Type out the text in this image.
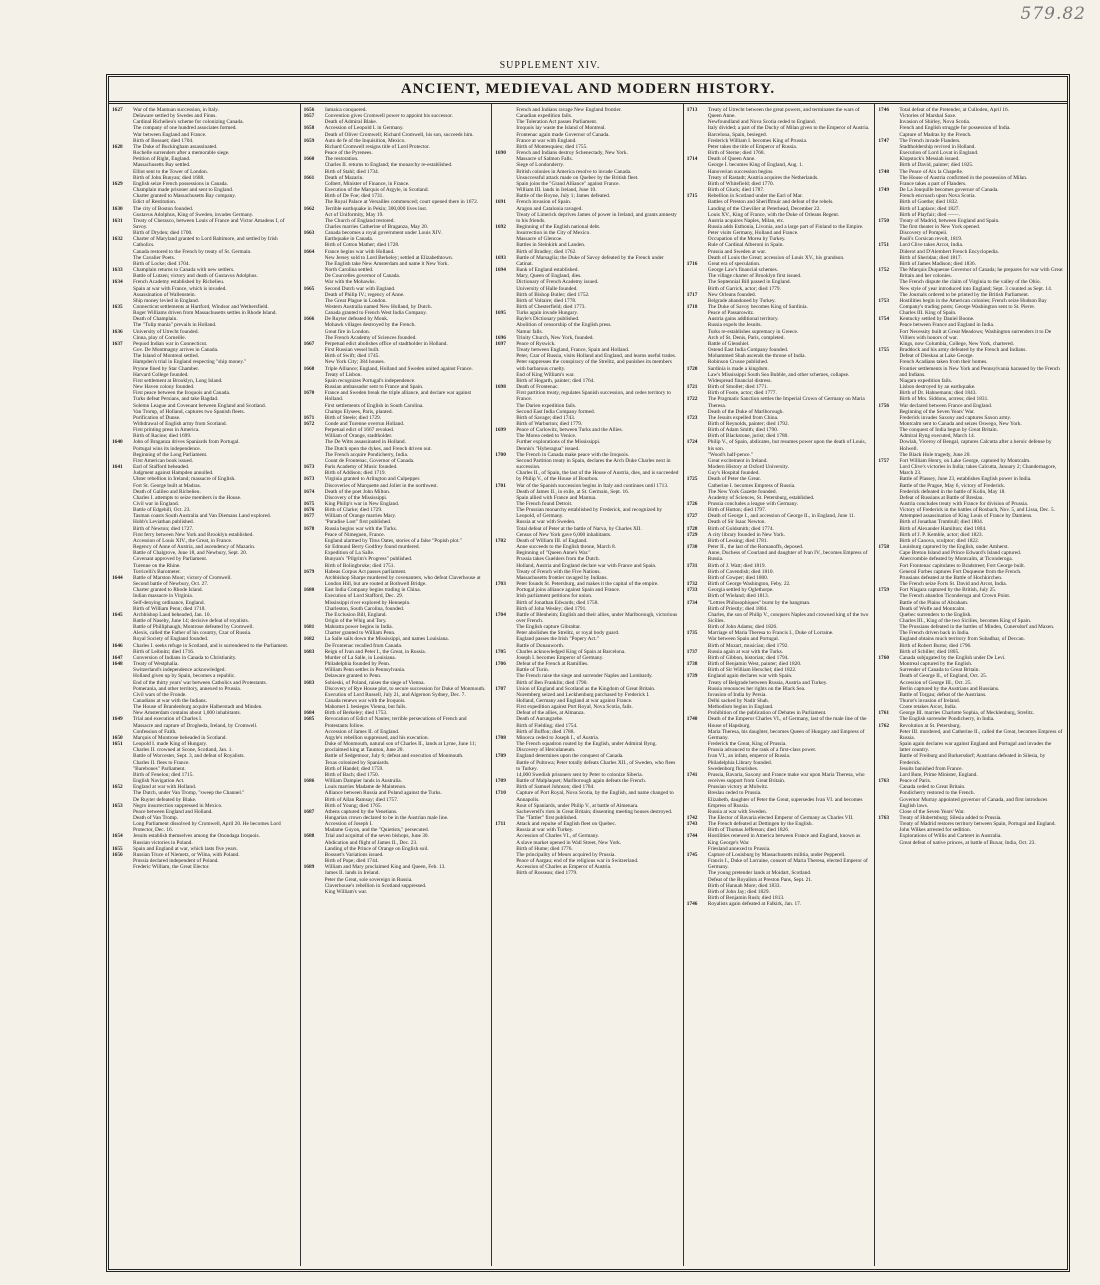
579.82
SUPPLEMENT XIV.
ANCIENT, MEDIEVAL AND MODERN HISTORY.
1627	War of the Mantuan succession, in Italy.
Delaware settled by Swedes and Finns.
Cardinal Richelieu's scheme for colonizing Canada.
The company of one hundred associates formed.
War between England and France.
Birth of Bossuet; died 1704.
1628	The Duke of Buckingham assassinated.
Rochelle surrenders after a memorable siege.
Petition of Right, England.
Massachusetts Bay settled.
Elliot sent to the Tower of London.
Birth of John Bunyan; died 1688.
1629	English seize French possessions in Canada.
Champlain made prisoner and sent to England.
Charter granted to Massachusetts Bay company.
Edict of Restitution.
1630	The city of Boston founded.
Gustavus Adolphus, King of Sweden, invades Germany.
1631	Treaty of Cherasco, between Louis of France and Victor Amadeus I, of Savoy.
Birth of Dryden; died 1700.
1632	Charter of Maryland granted to Lord Baltimore, and settled by Irish Catholics.
Canada restored to the French by treaty of St. Germain.
The Cavalier Poets.
Birth of Locke; died 1704.
1633	Champlain returns to Canada with new settlers.
Battle of Lutzen; victory and death of Gustavus Adolphus.
1634	French Academy established by Richelieu.
Spain at war with France, which is invaded.
Assassination of Wallenstein.
Ship money levied in England.
1635	Connecticut settlements at Hartford, Windsor and Wethersfield.
Roger Williams driven from Massachusetts settles in Rhode Island.
Death of Champlain.
The "Tulip mania" prevails in Holland.
1636	University of Utrecht founded.
Cinna, play of Corneille.
1637	Pequod Indian war in Connecticut.
Gov. De Montmagny arrives in Canada.
The Island of Montreal settled.
Hampden's trial in England respecting "ship money."
Prynne fined by Star Chamber.
Harvard College founded.
First settlement at Brooklyn, Long Island.
New Haven colony founded.
First peace between the Iroquois and Canada.
Turks defeat Persians, and take Bagdad.
Solemn League and Covenant between England and Scotland.
Van Tromp, of Holland, captures two Spanish fleets.
Purification of Dunse.
Withdrawal of English army from Scotland.
First printing press in America.
Birth of Racine; died 1699.
1640	John of Braganza drives Spaniards from Portugal.
Portugal wins its independence.
Beginning of the Long Parliament.
First American book issued.
1641	Earl of Stafford beheaded.
Judgment against Hampden annulled.
Ulster rebellion in Ireland; massacre of English.
Fort St. George built at Madras.
Death of Galileo and Richelieu.
Charles I. attempts to seize members in the House.
Civil war in England.
Battle of Edgehill, Oct. 23.
Tasman coasts South Australia and Van Diemans Land explored.
Hobb's Leviathan published.
Birth of Newton; died 1727.
First ferry between New York and Brooklyn established.
Accession of Louis XIV., the Great, in France.
Regency of Anne of Austria, and ascendency of Mazarin.
Battle of Chalgrove, June 18, and Newbury, Sept. 20.
Covenant approved by Parliament.
Turenne on the Rhine.
Torricelli's Barometer.
1644	Battle of Marston Moor; victory of Cromwell.
Second battle of Newbury, Oct. 27.
Charter granted to Rhode Island.
Indian massacre in Virginia.
Self-denying ordinance, England.
Birth of William Penn; died 1718.
1645	Archbishop Laud beheaded, Jan. 10.
Battle of Naseby, June 14; decisive defeat of royalists.
Battle of Philliphaugh; Montrose defeated by Cromwell.
Alexis, called the Father of his country, Czar of Russia.
Royal Society of England founded.
1646	Charles I. seeks refuge in Scotland, and is surrendered to the Parliament.
Birth of Leibnitz; died 1716.
1647	Conversion of Indians in Canada to Christianity.
1648	Treaty of Westphalia.
Switzerland's independence acknowledged.
Holland given up by Spain, becomes a republic.
End of the thirty years' war between Catholics and Protestants.
Pomerania, and other territory, annexed to Prussia.
Civil wars of the Fronde.
Canadians at war with the Indians.
The House of Brandenburg acquire Halberstadt and Minden.
New Amsterdam contains about 1,000 inhabitants.
1649	Trial and execution of Charles I.
Massacre and capture of Drogheda, Ireland, by Cromwell.
Confession of Faith.
1650	Marquis of Montrose beheaded in Scotland.
1651	Leopold I. made King of Hungary.
Charles II. crowned at Scone, Scotland, Jan. 1.
Battle of Worcester, Sept. 3, and defeat of Royalists.
Charles II. flees to France.
"Barebones" Parliament.
Birth of Fenelon; died 1715.
English Navigation Act.
1652	England at war with Holland.
The Dutch, under Van Tromp, "sweep the Channel."
De Ruyter defeated by Blake.
1653	Negro insurrection suppressed in Mexico.
Peace between England and Holland.
Death of Van Tromp.
Long Parliament dissolved by Cromwell, April 20. He becomes Lord Protector, Dec. 16.
1654	Jesuits establish themselves among the Onondaga Iroquois.
Russian victories in Poland.
1655	Spain and England at war, which lasts five years.
1656	Russian Truce of Niemetz, or Wilna, with Poland.
Prussia declared independent of Poland.
Frederic William, the Great Elector.
1656	Jamaica conquered.
1657	Convention gives Cromwell power to appoint his successor.
Death of Admiral Blake.
1658	Accession of Leopold I. in Germany.
Death of Oliver Cromwell; Richard Cromwell, his son, succeeds him.
1659	Auto de fe of the Inquisition, Mexico.
Richard Cromwell resigns title of Lord Protector.
Peace of the Pyrenees.
1660	The restoration.
Charles II. returns to England; the monarchy re-established.
Birth of Stahl; died 1734.
1661	Death of Mazarin.
Colbert, Minister of Finance, in France.
Execution of the Marquis of Argyle, in Scotland.
Birth of De Foe; died 1731.
The Royal Palace at Versailles commenced; court opened there in 1672.
1662	Terrible earthquake in Pekin; 300,000 lives lost.
Act of Uniformity, May 19.
The Church of England restored.
Charles marries Catherine of Braganza, May 20.
1663	Canada becomes a royal government under Louis XIV.
Earthquake in Canada.
Birth of Cotton Mather; died 1728.
1664	France begins war with Holland.
New Jersey sold to Lord Berkeley; settled at Elizabethtown.
The English take New Amsterdam and name it New York.
North Carolina settled.
De Courcelles governor of Canada.
War with the Mohawks.
1665	Second Dutch war with England.
Death of Philip IV.; regency of Anne.
The Great Plague in London.
Western Australia named New Holland, by Dutch.
Canada granted to French West India Company.
1666	De Ruyter defeated by Monk.
Mohawk villages destroyed by the French.
Great fire in London.
The French Academy of Sciences founded.
1667	Perpetual edict abolishes office of stadtholder in Holland.
First Russian vessel built.
Birth of Swift; died 1745.
New York City; 384 houses.
1668	Triple Alliance; England, Holland and Sweden united against France.
Treaty of Lisbon.
Spain recognizes Portugal's independence.
Russian ambassador sent to France and Spain.
1670	France and Sweden break the triple alliance, and declare war against Holland.
First settlements of English in South Carolina.
Champs Elysees, Paris, planted.
1671	Birth of Steele; died 1729.
1672	Conde and Turenne overrun Holland.
Perpetual edict of 1667 revoked.
William of Orange, stadtholder.
The De Witts assassinated in Holland.
The Dutch open the dykes, and French driven out.
The French acquire Pondicherry, India.
Count de Frontenac, Governor of Canada.
1673	Paris Academy of Music founded.
Birth of Addison; died 1719.
1673	Virginia granted to Arlington and Culpepper.
Discoveries of Marquette and Joliet in the northwest.
1674	Death of the poet John Milton.
Discovery of the Mississippi.
1675	King Philip's war in New England.
1676	Birth of Clarke; died 1729.
1677	William of Orange marries Mary.
"Paradise Lost" first published.
1678	Russia begins war with the Turks.
Peace of Nimeguen, France.
England alarmed by Titus Oates, stories of a false "Popish plot."
Sir Edmund Berry Godfrey found murdered.
Expedition of La Salle.
Bunyan's "Pilgrim's Progress" published.
Birth of Bolingbroke; died 1751.
1679	Habeas Corpus Act passes parliament.
Archbishop Sharpe murdered by covenanters, who defeat Claverhouse at London Hill, but are routed at Bothwell Bridge.
1680	East India Company begins trading in China.
Execution of Lord Stafford, Dec. 29.
Mississippi river explored by Hennepin.
Charleston, South Carolina, founded.
The Exclusion Bill, England.
Origin of the Whig and Tory.
1681	Mahratta power begins in India.
Charter granted to William Penn.
1682	La Salle sails down the Mississippi, and names Louisiana.
De Frontenac recalled from Canada.
1683	Reign of Ivan and Peter I., the Great, in Russia.
Murder of La Salle, in Louisiana.
Philadelphia founded by Penn.
William Penn settles in Pennsylvania.
Delaware granted to Penn.
1683	Sobieski, of Poland, raises the siege of Vienna.
Discovery of Rye House plot, to secure succession for Duke of Monmouth.
Execution of Lord Russell, July 21, and Algernon Sydney, Dec. 7.
Canada renews war with the Iroquois.
Mahomet I. besieges Vienna, but fails.
1684	Birth of Berkeley; died 1753.
1685	Revocation of Edict of Nantes; terrible persecutions of French and Protestants follow.
Accession of James II. of England.
Argyle's rebellion suppressed, and his execution.
Duke of Monmouth, natural son of Charles II., lands at Lyme, June 11; proclaimed king at Taunton, June 20.
Battle of Sedgemoor, July 6; defeat and execution of Monmouth.
Texas colonized by Spaniards.
Birth of Handel; died 1759.
Birth of Bach; died 1750.
1686	William Dampier lands in Australia.
Louis marries Madame de Maintenon.
Alliance between Russia and Poland against the Turks.
Birth of Allan Ramsay; died 1757.
Birth of Young; died 1765.
1687	Athens captured by the Venetians.
Hungarian crown declared to be in the Austrian male line.
Accession of Joseph I.
Madame Guyon, and the "Quietists," persecuted.
1688	Trial and acquittal of the seven bishops, June 30.
Abdication and flight of James II., Dec. 23.
Landing of the Prince of Orange on English soil.
Bossuet's Variations issued.
Birth of Pope; died 1744.
1689	William and Mary proclaimed King and Queen, Feb. 13.
James II. lands in Ireland.
Peter the Great, sole sovereign in Russia.
Claverhouse's rebellion in Scotland suppressed.
King William's war.
French and Indians ravage New England frontier.
Canadian expedition fails.
The Toleration Act passes Parliament.
Iroquois lay waste the Island of Montreal.
Frontenac again made Governor of Canada.
France at war with England.
Birth of Montesquieu; died 1755.
1690	French and Indians destroy Schenectady, New York.
Massacre of Salmon Falls.
Siege of Londonderry.
British colonies in America resolve to invade Canada.
Unsuccessful attack made on Quebec by the British fleet.
Spain joins the "Grand Alliance" against France.
William III. lands in Ireland, June 10.
Battle of the Boyne, July 1; James defeated.
1691	French invasion of Spain.
Aragon and Catalonia ravaged.
Treaty of Limerick deprives James of power in Ireland, and grants amnesty to his friends.
1692	Beginning of the English national debt.
Insurrection in the City of Mexico.
Massacre of Glencoe.
Battles in Steinkirk and Landen.
Birth of Bradley; died 1762.
1693	Battle of Marsaglia; the Duke of Savoy defeated by the French under Catinat.
1694	Bank of England established.
Mary, Queen of England, dies.
Dictionary of French Academy issued.
University of Halle founded.
Birth of Bishop Butler; died 1752.
Birth of Voltaire; died 1778.
Birth of Chesterfield; died 1773.
1695	Turks again invade Hungary.
Bayle's Dictionary published.
Abolition of censorship of the English press.
Namur falls.
1696	Trinity Church, New York, founded.
1697	Peace of Ryswick.
Treaty between England, France, Spain and Holland.
Peter, Czar of Russia, visits Holland and England, and learns useful trades.
Peter suppresses the conspiracy of the Strelitz, and punishes its members with barbarous cruelty.
End of King William's war.
Birth of Hogarth, painter; died 1764.
1698	Death of Frontenac.
First partition treaty, regulates Spanish succession, and cedes territory to France.
The Darien expedition fails.
Second East India Company formed.
Birth of Savage; died 1743.
Birth of Warburton; died 1779.
1699	Peace of Carlowitz, between Turks and the Allies.
The Morea ceded to Venice.
Further explorations of the Mississippi.
Dennis's "Hyberagua" issued.
1700	The French in Canada make peace with the Iroquois.
Second Partition treaty in Spain, declares the Arch Duke Charles next in succession.
Charles II., of Spain, the last of the House of Austria, dies, and is succeeded by Philip V., of the House of Bourbon.
1701	War of the Spanish succession begins in Italy and continues until 1713.
Death of James II., in exile, at St. Germain, Sept. 16.
Spain allied with France and Mantua.
The French found Detroit.
The Prussian monarchy established by Frederick, and recognized by Leopold, of Germany.
Russia at war with Sweden.
Total defeat of Peter at the battle of Narva, by Charles XII.
Census of New York gave 6,000 inhabitants.
1702	Death of William III. of England.
Anne succeeds to the English throne, March 8.
Beginning of "Queen Anne's War."
Prussia takes Guelders from the Dutch.
Holland, Austria and England declare war with France and Spain.
Treaty of French with the Five Nations.
Massachusetts frontier ravaged by Indians.
1703	Peter founds St. Petersburg, and makes it the capital of the empire.
Portugal joins alliance against Spain and France.
Irish parliament petitions for union.
Birth of Jonathan Edwards; died 1758.
Birth of John Wesley; died 1791.
1704	Battle of Blenheim; English and their allies, under Marlborough, victorious over French.
The English capture Gibraltar.
Peter abolishes the Strelitz, or royal body guard.
England passes the Irish "Popery Act."
Battle of Donauworth.
1705	Charles acknowledged King of Spain at Barcelona.
Joseph I. becomes Emperor of Germany.
1706	Defeat of the French at Ramillies.
Battle of Turin.
The French raise the siege and surrender Naples and Lombardy.
Birth of Ben Franklin; died 1790.
1707	Union of England and Scotland as the Kingdom of Great Britain.
Nuremberg seized and Leckhenburg purchased by Frederick I.
Holland, Germany and England at war against France.
First expedition against Port Royal, Nova Scotia, fails.
Defeat of the allies, at Almanza.
Death of Aurungzebe.
Birth of Fielding; died 1754.
Birth of Buffon; died 1788.
1708	Minorca ceded to Joseph I., of Austria.
The French squadron routed by the English, under Admiral Byng.
Discovery of Herculaneum.
1709	England determines upon the conquest of Canada.
Battle of Pultowa; Peter totally defeats Charles XII., of Sweden, who flees to Turkey.
14,000 Swedish prisoners sent by Peter to colonize Siberia.
1709	Battle of Malplaquet; Marlborough again defeats the French.
Birth of Samuel Johnson; died 1784.
1710	Capture of Port Royal, Nova Scotia, by the English, and name changed to Annapolis.
Rout of Spaniards, under Philip V., at battle of Almenara.
Sacheverell's riots in Great Britain; dissenting meeting houses destroyed.
The "Tattler" first published.
1711	Attack and repulse of English fleet on Quebec.
Russia at war with Turkey.
Accession of Charles VI., of Germany.
A slave market opened in Wall Street, New York.
Birth of Hume; died 1776.
The principality of Meurs acquired by Prussia.
Peace of Aargau; end of the religious war in Switzerland.
Accession of Charles as Emperor of Austria.
Birth of Rosseau; died 1779.
1713	Treaty of Utrecht between the great powers, and terminates the wars of Queen Anne.
Newfoundland and Nova Scotia ceded to England.
Italy divided; a part of the Duchy of Milan given to the Emperor of Austria.
Barcelona, Spain, besieged.
Frederick William I. becomes King of Prussia.
Peter takes the title of Emperor of Russia.
Birth of Sterne; died 1768.
1714	Death of Queen Anne.
George I. becomes King of England, Aug. 1.
Hanoverian succession begins.
Treaty of Rastadt; Austria acquires the Netherlands.
Birth of Whitefield; died 1770.
Birth of Gluck; died 1787.
1715	Rebellion in Scotland under the Earl of Mar.
Battles of Preston and Sheriffmuir and defeat of the rebels.
Landing of the Chevilier at Peterhead, December 22.
Louis XV., King of France, with the Duke of Orleans Regent.
Austria acquires Naples, Milan, etc.
Russia adds Esthonia, Livonia, and a large part of Finland to the Empire.
Peter visits Germany, Holland and France.
Occupation of the Morea by Turkey.
Rule of Cardinal Alberoni in Spain.
Prussia and Sweden at war.
Death of Louis the Great; accession of Louis XV., his grandson.
1716	Great era of speculation.
George Law's financial schemes.
The village charter of Brooklyn first issued.
The Septennial Bill passed in England.
Birth of Garrick, actor; died 1779.
1717	New Orleans founded.
Belgrade abandoned by Turkey.
1718	The Duke of Savoy becomes King of Sardinia.
Peace of Passarowitz.
Austria gains additional territory.
Russia expels the Jesuits.
Turks re-establishes supremacy in Greece.
Arch of St. Denis, Paris, completed.
Battle of Glenshiel.
Ostend East India Company founded.
Mohammed Shah ascends the throne of India.
Robinson Crusoe published.
1720	Sardinia is made a kingdom.
Law's Mississippi South Sea Bubble, and other schemes, collapse.
Widespread financial distress.
1721	Birth of Smollet; died 1771.
Birth of Foote, actor; died 1777.
1722	The Pragmatic Sanction settles the Imperial Crown of Germany on Maria Theresa.
Death of the Duke of Marlborough.
1723	The Jesuits expelled from China.
Birth of Reynolds, painter; died 1792.
Birth of Adam Smith; died 1790.
Birth of Blackstone, jurist; died 1780.
1724	Philip V., of Spain, abdicates, but resumes power upon the death of Louis, his son.
"Wood's half-pence."
Great excitement in Ireland.
Modern History at Oxford University.
Guy's Hospital founded.
1725	Death of Peter the Great.
Catherine I. becomes Empress of Russia.
The New York Gazette founded.
Academy of Sciences, St. Petersburg, established.
1726	Prussia concludes a league with Germany.
Birth of Hutton; died 1797.
1727	Death of George I., and accession of George II., in England, June 11.
Death of Sir Isaac Newton.
1728	Birth of Goldsmith; died 1774.
1729	A city library founded in New York.
Birth of Lessing; died 1781.
1730	Peter II., the last of the Romanoffs, deposed.
Anne, Duchess of Courland and daughter of Ivan IV., becomes Empress of Russia.
1731	Birth of J. Watt; died 1819.
Birth of Cavendish; died 1810.
Birth of Cowper; died 1800.
1732	Birth of George Washington, Feby. 22.
1733	Georgia settled by Oglethorpe.
Birth of Wieland; died 1813.
1734	"Lettres Philosophiques" burnt by the hangman.
Birth of Priestly; died 1804.
Charles, the son of Philip V., conquers Naples and crowned king of the two Sicilies.
Birth of John Adams; died 1826.
1735	Marriage of Maria Theresa to Francis I., Duke of Lorraine.
War between Spain and Portugal.
Birth of Mozart, musician; died 1792.
1737	Russia again at war with the Turks.
Birth of Gibbon, historian; died 1794.
1738	Birth of Benjamin West, painter; died 1820.
Birth of Sir William Herschel; died 1822.
1739	England again declares war with Spain.
Treaty of Belgrade between Russia, Austria and Turkey.
Russia renounces her rights on the Black Sea.
Invasion of India by Persia.
Delhi sacked by Nadir Shah.
Methodism begins in England.
Prohibition of the publication of Debates in Parliament.
1740	Death of the Emperor Charles VI., of Germany, last of the male line of the House of Hapsburg.
Maria Theresa, his daughter, becomes Queen of Hungary and Empress of Germany.
Frederick the Great, King of Prussia.
Prussia advanced to the rank of a first-class power.
Ivan VI., an infant, emperor of Russia.
Philadelphia Library founded.
Swedenborg flourishes.
1741	Prussia, Bavaria, Saxony and France make war upon Maria Theresa, who receives support from Great Britain.
Prussian victory at Molwitz.
Breslau ceded to Prussia.
Elizabeth, daughter of Peter the Great, supersedes Ivan VI. and becomes Empress of Russia.
Russia at war with Sweden.
1742	The Elector of Bavaria elected Emperor of Germany as Charles VII.
1743	The French defeated at Dettingen by the English.
Birth of Thomas Jefferson; died 1826.
1744	Hostilities renewed in America between France and England, known as King George's War.
Friesland annexed to Prussia.
1745	Capture of Louisburg by Massachusetts militia, under Pepperell.
Francis I., Duke of Lorraine, consort of Maria Theresa, elected Emperor of Germany.
The young pretender lands at Moidart, Scotland.
Defeat of the Royalists at Preston Pans, Sept. 21.
Birth of Hannah More; died 1833.
Birth of John Jay; died 1829.
Birth of Benjamin Rush; died 1813.
1746	Royalists again defeated at Falkirk, Jan. 17.
1746	Total defeat of the Pretender, at Culloden, April 16.
Victories of Marshal Saxe.
Invasion of Shirley, Nova Scotia.
French and English struggle for possession of India.
Capture of Madras by the French.
1747	The French invade Flanders.
Stadtholdership revived in Holland.
Execution of Lord Lovat in England.
Klopstock's Messiah issued.
Birth of David, painter; died 1825.
1748	The Peace of Aix la Chapelle.
The House of Austria confirmed in the possession of Milan.
France takes a part of Flanders.
1749	De La Jonquille becomes governor of Canada.
French encroach upon Nova Scotia.
Birth of Goethe; died 1832.
Birth of Laplace; died 1827.
Birth of Playfair; died ——.
1750	Treaty of Madrid, between England and Spain.
The first theater in New York opened.
Discovery of Pompeii.
Paoli's Corsican revolt, 1819.
1751	Lord Clive takes Arcot, India.
Diderot and D'Alembert French Encyclopedia.
Birth of Sheridan; died 1817.
Birth of James Madison; died 1836.
1752	The Marquis Duquesne Governor of Canada; he prepares for war with Great Britain and her colonies.
The French dispute the claim of Virginia to the valley of the Ohio.
New style of year introduced into England; Sept. 3 counted as Sept. 14.
The Journals ordered to be printed by the British Parliament.
1753	Hostilities begin in the American colonies; French seize Hudson Bay Company's trading posts; George Washington sent to St. Pierre.
Charles III. King of Spain.
1754	Kentucky settled by Daniel Boone.
Peace between France and England in India.
Fort Necessity built at Great Meadows; Washington surrenders it to De Villiers with honors of war.
Kings, now Columbia, College, New York, chartered.
1755	Braddock and his army defeated by the French and Indians.
Defeat of Dieskau at Lake George.
French Acadians taken from their homes.
Frontier settlements in New York and Pennsylvania harassed by the French and Indians.
Niagara expedition fails.
Lisbon destroyed by an earthquake.
Birth of Dr. Hahnemann; died 1843.
Birth of Mrs. Siddons, actress; died 1831.
1756	War declared between France and England.
Beginning of the Seven Years' War.
Frederick invades Saxony and captures Saxon army.
Montcalm sent to Canada and seizes Oswego, New York.
The conquest of India begun by Great Britain.
Admiral Byng executed, March 14.
Dowlah, Viceroy of Bengal, captures Calcutta after a heroic defense by Holwell.
The Black Hole tragedy, June 20.
1757	Fort William Henry, on Lake George, captured by Montcalm.
Lord Clive's victories in India; takes Calcutta, January 2; Chandernagore, March 23.
Battle of Plassey, June 23, establishes English power in India.
Battle of the Prague, May 6, victory of Frederick.
Frederick defeated in the battle of Kolin, May 18.
Defeat of Russians at Battle of Breslau.
Austria concludes treaty with France for division of Prussia.
Victory of Frederick in the battles of Rosbach, Nov. 5, and Lissa, Dec. 5.
Attempted assassination of King Louis of France by Damiens.
Birth of Jonathan Trumbull; died 1804.
Birth of Alexander Hamilton; died 1804.
Birth of J. P. Kemble, actor; died 1823.
Birth of Canova, sculptor; died 1822.
1758	Louisburg captured by the English, under Amherst.
Cape Breton Island and Prince Edward's Island captured.
Abercrombie defeated by Montcalm, at Ticonderoga.
Fort Frontenac capitulates to Bradstreet; Fort George built.
General Forbes captures Fort Duquesne from the French.
Prussians defeated at the Battle of Hochkirchen.
The French seize Forts St. David and Arcot, India.
1759	Fort Niagara captured by the British, July 25.
The French abandon Ticonderoga and Crown Point.
Battle of the Plains of Abraham.
Death of Wolfe and Montcalm.
Quebec surrenders to the English.
Charles III., King of the two Sicilies, becomes King of Spain.
The Prussians defeated in the battles of Minden, Cunersdorf and Maxen.
The French driven back in India.
England obtains much territory from Subadhar, of Deccan.
Birth of Robert Burns; died 1796.
Birth of Schiller; died 1805.
1760	Canada subjugated by the English under De Levi.
Montreal captured by the English.
Surrender of Canada to Great Britain.
Death of George II., of England, Oct. 25.
Accession of George III., Oct. 25.
Berlin captured by the Austrians and Russians.
Battle of Torgau; defeat of the Austrians.
Thurot's invasion of Ireland.
Coote retakes Arcot, India.
1761	George III. marries Charlotte Sophia, of Mecklenburg, Strelitz.
The English surrender Pondicherry, in India.
1762	Revolution at St. Petersburg.
Peter III. murdered, and Catherine II., called the Great, becomes Empress of Russia.
Spain again declares war against England and Portugal and invades the latter country.
Battle of Freiburg and Burkersdorf; Austrians defeated in Silesia, by Frederick.
Jesuits banished from France.
Lord Bute, Prime Minister, England.
1763	Peace of Paris.
Canada ceded to Great Britain.
Pondicherry restored to the French.
Governor Murray appointed governor of Canada, and first introduces English laws.
Close of the Seven Years' War.
1763	Treaty of Hubertsburg; Silesia added to Prussia.
Treaty of Madrid restores territory between Spain, Portugal and England.
John Wilkes arrested for sedition.
Explorations of Willis and Carteret in Australia.
Great defeat of native princes, at battle of Buxar, India, Oct. 23.
